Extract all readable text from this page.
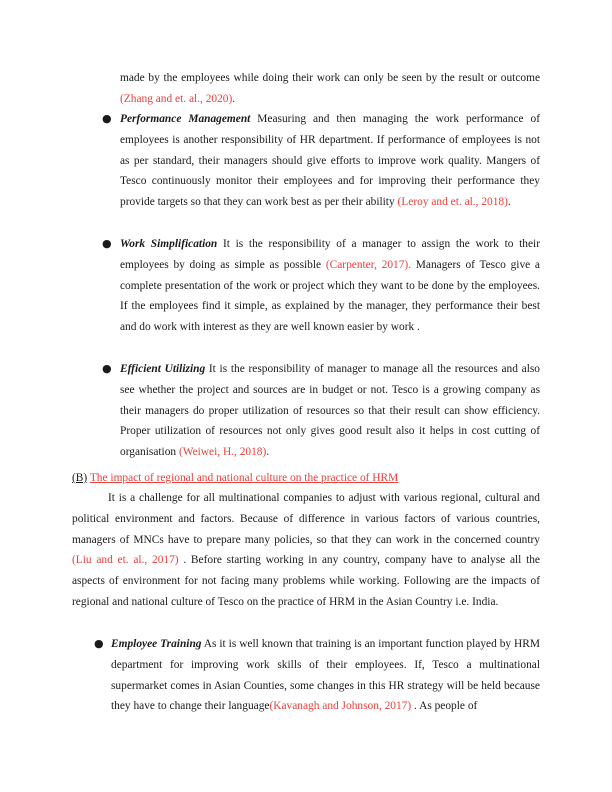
made by the employees while doing their work can only be seen by the result or outcome (Zhang and et. al., 2020).

● Performance Management Measuring and then managing the work performance of employees is another responsibility of HR department. If performance of employees is not as per standard, their managers should give efforts to improve work quality. Mangers of Tesco continuously monitor their employees and for improving their performance they provide targets so that they can work best as per their ability (Leroy and et. al., 2018).

● Work Simplification It is the responsibility of a manager to assign the work to their employees by doing as simple as possible (Carpenter, 2017). Managers of Tesco give a complete presentation of the work or project which they want to be done by the employees. If the employees find it simple, as explained by the manager, they performance their best and do work with interest as they are well known easier by work .

● Efficient Utilizing It is the responsibility of manager to manage all the resources and also see whether the project and sources are in budget or not. Tesco is a growing company as their managers do proper utilization of resources so that their result can show efficiency. Proper utilization of resources not only gives good result also it helps in cost cutting of organisation (Weiwei, H., 2018).

(B) The impact of regional and national culture on the practice of HRM

It is a challenge for all multinational companies to adjust with various regional, cultural and political environment and factors. Because of difference in various factors of various countries, managers of MNCs have to prepare many policies, so that they can work in the concerned country (Liu and et. al., 2017) . Before starting working in any country, company have to analyse all the aspects of environment for not facing many problems while working. Following are the impacts of regional and national culture of Tesco on the practice of HRM in the Asian Country i.e. India.

● Employee Training As it is well known that training is an important function played by HRM department for improving work skills of their employees. If, Tesco a multinational supermarket comes in Asian Counties, some changes in this HR strategy will be held because they have to change their language(Kavanagh and Johnson, 2017) . As people of
